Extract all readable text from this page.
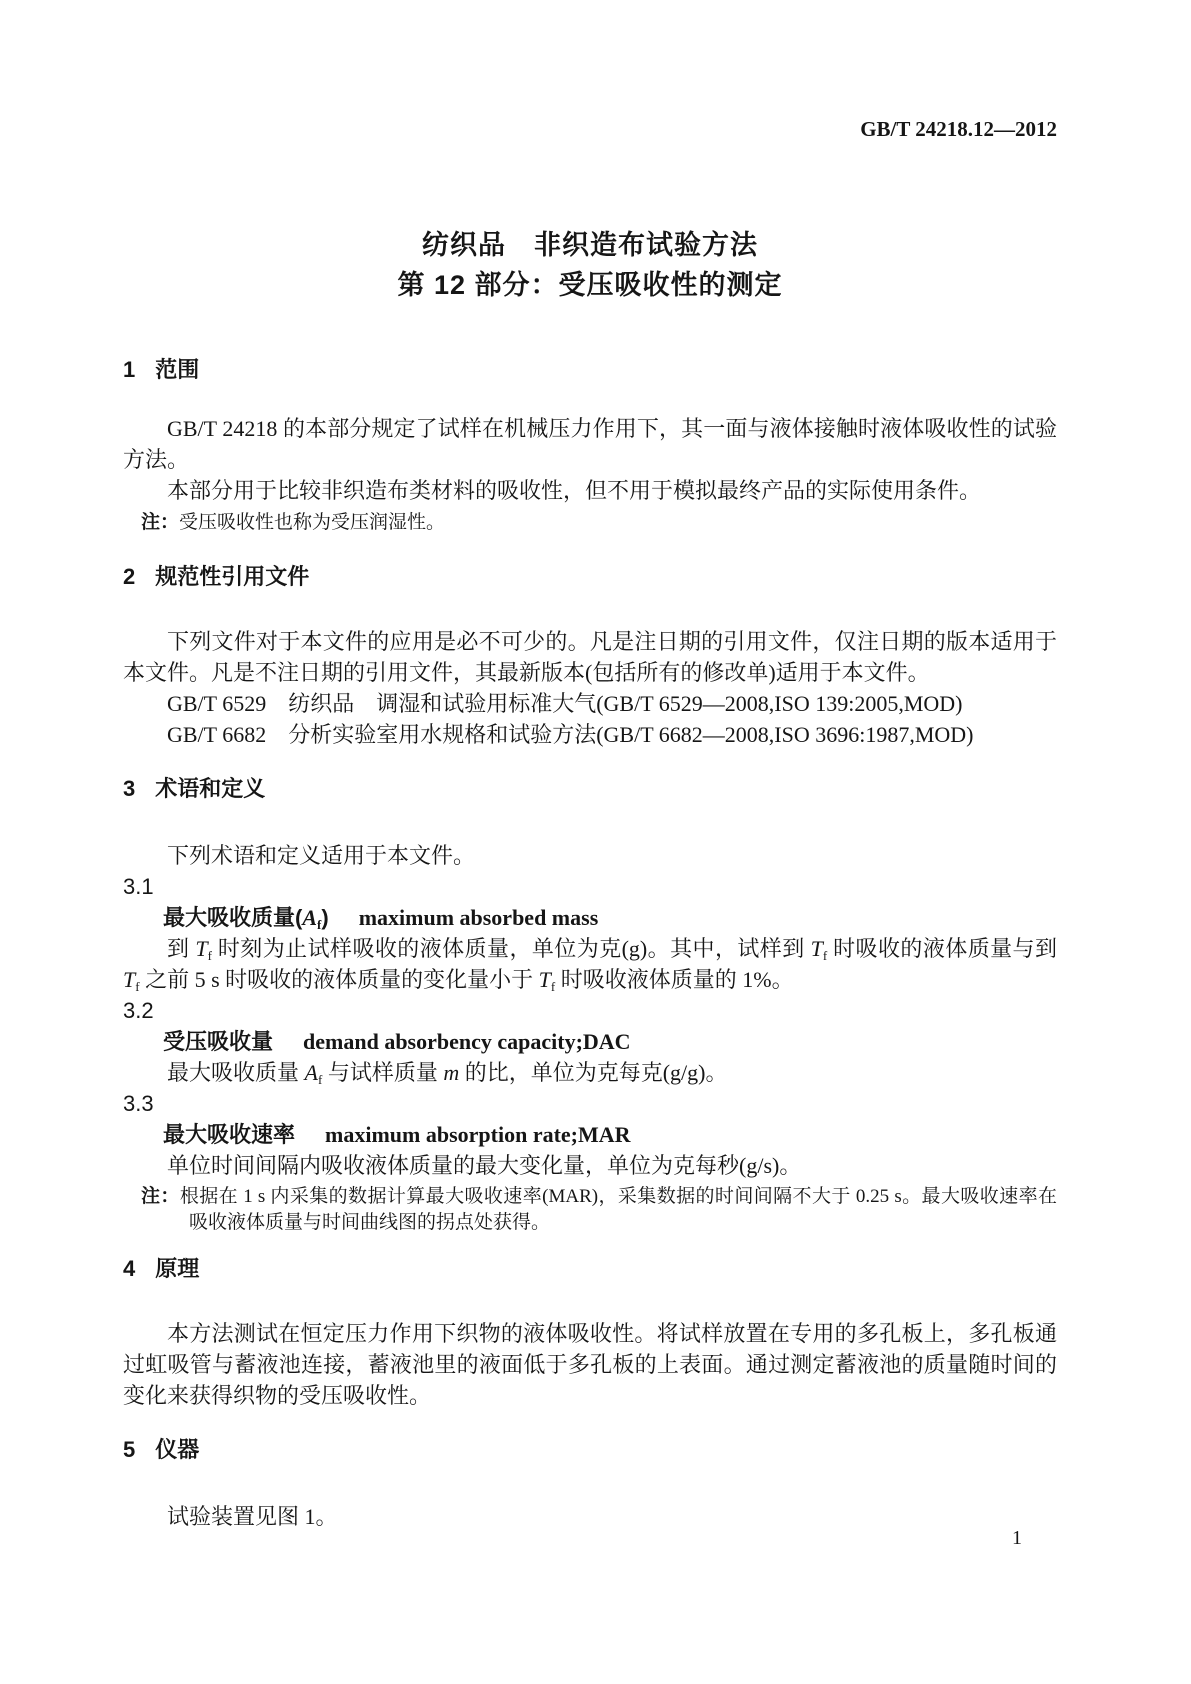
GB/T 24218.12—2012
纺织品　非织造布试验方法
第 12 部分：受压吸收性的测定
1 范围

GB/T 24218 的本部分规定了试样在机械压力作用下，其一面与液体接触时液体吸收性的试验方法。

本部分用于比较非织造布类材料的吸收性，但不用于模拟最终产品的实际使用条件。

注：受压吸收性也称为受压润湿性。

2 规范性引用文件

下列文件对于本文件的应用是必不可少的。凡是注日期的引用文件，仅注日期的版本适用于本文件。凡是不注日期的引用文件，其最新版本(包括所有的修改单)适用于本文件。

GB/T 6529　纺织品　调湿和试验用标准大气(GB/T 6529—2008,ISO 139:2005,MOD)

GB/T 6682　分析实验室用水规格和试验方法(GB/T 6682—2008,ISO 3696:1987,MOD)

3 术语和定义

下列术语和定义适用于本文件。

3.1

最大吸收质量$(A_f)$　maximum absorbed mass

到 $T_f$ 时刻为止试样吸收的液体质量，单位为克(g)。其中，试样到 $T_f$ 时吸收的液体质量与到 $T_f$ 之前 5 s 时吸收的液体质量的变化量小于 $T_f$ 时吸收液体质量的 1%。

3.2

受压吸收量　demand absorbency capacity;DAC

最大吸收质量 $A_f$ 与试样质量 m 的比，单位为克每克(g/g)。

3.3

最大吸收速率　maximum absorption rate;MAR

单位时间间隔内吸收液体质量的最大变化量，单位为克每秒(g/s)。

注：根据在 1 s 内采集的数据计算最大吸收速率(MAR)，采集数据的时间间隔不大于 0.25 s。最大吸收速率在吸收液体质量与时间曲线图的拐点处获得。

4 原理

本方法测试在恒定压力作用下织物的液体吸收性。将试样放置在专用的多孔板上，多孔板通过虹吸管与蓄液池连接，蓄液池里的液面低于多孔板的上表面。通过测定蓄液池的质量随时间的变化来获得织物的受压吸收性。

5 仪器

试验装置见图 1。

1
